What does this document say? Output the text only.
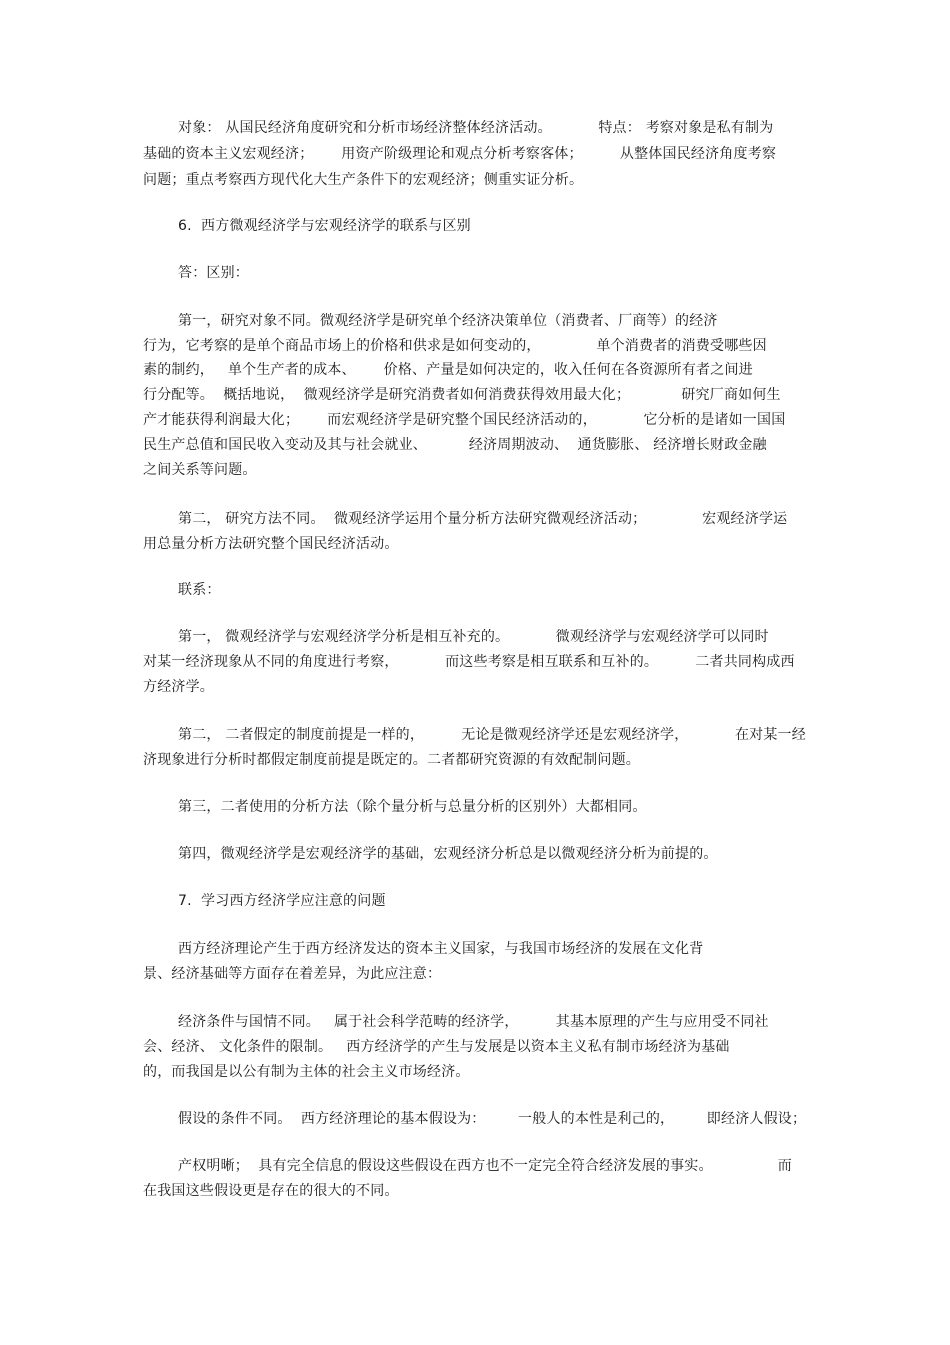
对象： 从国民经济角度研究和分析市场经济整体经济活动。          特点： 考察对象是私有制为
基础的资本主义宏观经济；      用资产阶级理论和观点分析考察客体；        从整体国民经济角度考察
问题；重点考察西方现代化大生产条件下的宏观经济；侧重实证分析。
6.  西方微观经济学与宏观经济学的联系与区别
答：区别：
第一，研究对象不同。微观经济学是研究单个经济决策单位（消费者、厂商等）的经济
行为，它考察的是单个商品市场上的价格和供求是如何变动的，            单个消费者的消费受哪些因
素的制约，   单个生产者的成本、      价格、产量是如何决定的，收入任何在各资源所有者之间进
行分配等。  概括地说，  微观经济学是研究消费者如何消费获得效用最大化；           研究厂商如何生
产才能获得利润最大化；      而宏观经济学是研究整个国民经济活动的，          它分析的是诸如一国国
民生产总值和国民收入变动及其与社会就业、         经济周期波动、  通货膨胀、 经济增长财政金融
之间关系等问题。
第二， 研究方法不同。  微观经济学运用个量分析方法研究微观经济活动；            宏观经济学运
用总量分析方法研究整个国民经济活动。
联系：
第一， 微观经济学与宏观经济学分析是相互补充的。          微观经济学与宏观经济学可以同时
对某一经济现象从不同的角度进行考察，          而这些考察是相互联系和互补的。        二者共同构成西
方经济学。
第二， 二者假定的制度前提是一样的，        无论是微观经济学还是宏观经济学，          在对某一经
济现象进行分析时都假定制度前提是既定的。二者都研究资源的有效配制问题。
第三，二者使用的分析方法（除个量分析与总量分析的区别外）大都相同。
第四，微观经济学是宏观经济学的基础，宏观经济分析总是以微观经济分析为前提的。
7.  学习西方经济学应注意的问题
西方经济理论产生于西方经济发达的资本主义国家，与我国市场经济的发展在文化背
景、经济基础等方面存在着差异，为此应注意：
经济条件与国情不同。   属于社会科学范畴的经济学，        其基本原理的产生与应用受不同社
会、经济、 文化条件的限制。   西方经济学的产生与发展是以资本主义私有制市场经济为基础
的，而我国是以公有制为主体的社会主义市场经济。
假设的条件不同。  西方经济理论的基本假设为：       一般人的本性是利己的，       即经济人假设；
产权明晰；  具有完全信息的假设这些假设在西方也不一定完全符合经济发展的事实。              而
在我国这些假设更是存在的很大的不同。
